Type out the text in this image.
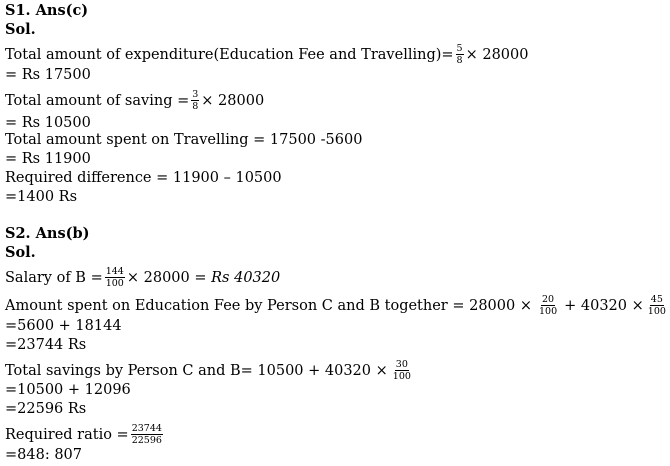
S1. Ans(c)
Sol.
Total amount of expenditure(Education Fee and Travelling)= $\frac{5}{8} \times 28000$
= Rs 17500
Total amount of saving = $\frac{3}{8} \times 28000$
= Rs 10500
Total amount spent on Travelling = 17500 -5600
= Rs 11900
Required difference = 11900 – 10500
=1400 Rs
S2. Ans(b)
Sol.
Salary of $B = \frac{144}{100} \times 28000$ =
Rs 40320
Amount spent on Education Fee by Person C and B together = $28000 \times \frac{20}{100} + 40320 \times \frac{45}{100}$
=5600 + 18144
=23744 Rs
Total savings by Person C and $B= 10500 + 40320 \times \frac{30}{100}$
=10500 + 12096
=22596 Rs
Required ratio = $\frac{23744}{22596}$
=848: 807
